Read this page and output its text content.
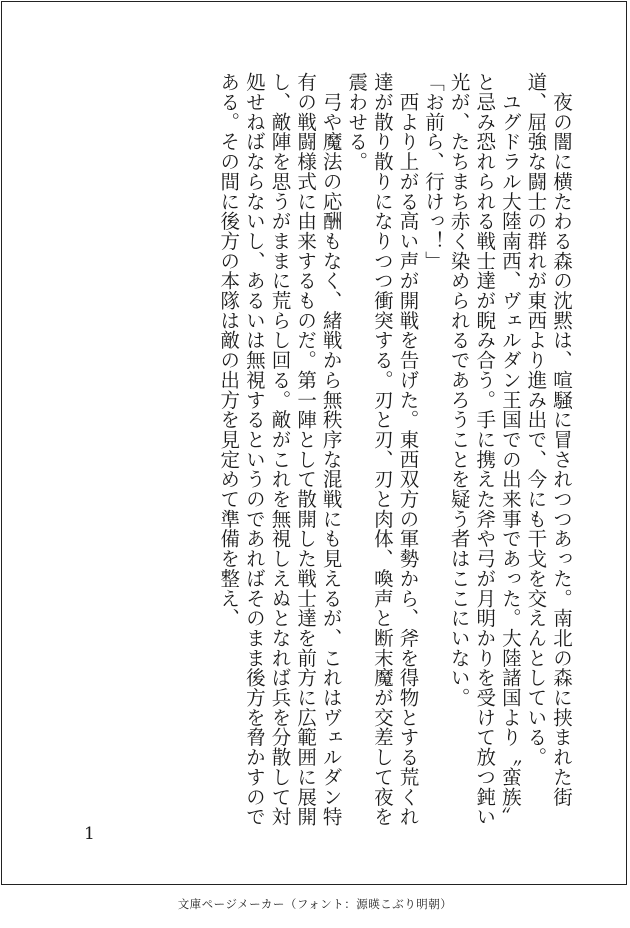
　夜の闇に横たわる森の沈黙は、喧騒に冒されつつあった。南北の森に挟まれた街道、屈強な闘士の群れが東西より進み出で、今にも干戈を交えんとしている。

　ユグドラル大陸南西、ヴェルダン王国での出来事であった。大陸諸国より〝蛮族〟と忌み恐れられる戦士達が睨み合う。手に携えた斧や弓が月明かりを受けて放つ鈍い光が、たちまち赤く染められるであろうことを疑う者はここにいない。

「お前ら、行けっ！」

　西より上がる高い声が開戦を告げた。東西双方の軍勢から、斧を得物とする荒くれ達が散り散りになりつつ衝突する。刃と刃、刃と肉体、喚声と断末魔が交差して夜を震わせる。

　弓や魔法の応酬もなく、緒戦から無秩序な混戦にも見えるが、これはヴェルダン特有の戦闘様式に由来するものだ。第一陣として散開した戦士達を前方に広範囲に展開し、敵陣を思うがままに荒らし回る。敵がこれを無視しえぬとなれば兵を分散して対処せねばならないし、あるいは無視するというのであればそのまま後方を脅かすのである。その間に後方の本隊は敵の出方を見定めて準備を整え、

1
文庫ページメーカー（フォント：源暎こぶり明朝）
